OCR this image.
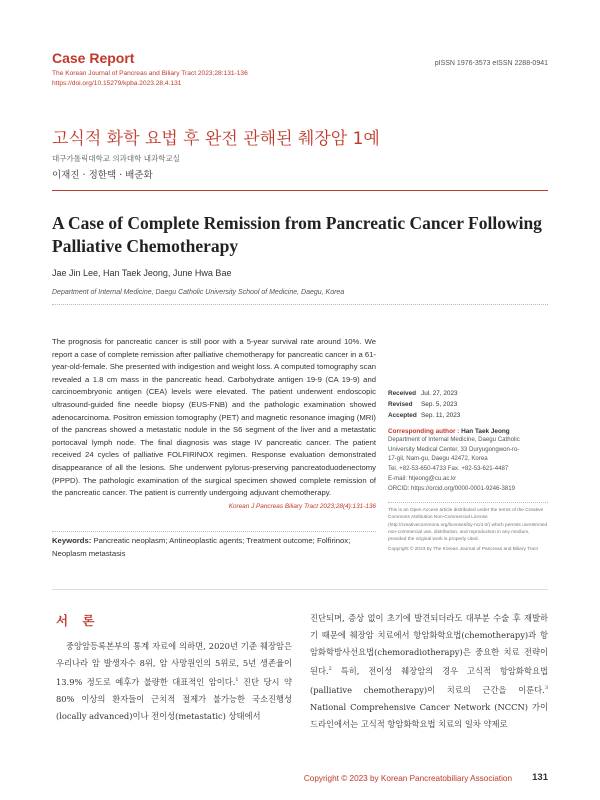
Case Report
The Korean Journal of Pancreas and Biliary Tract 2023;28:131-136
https://doi.org/10.15279/kpba.2023.28.4.131
pISSN 1976-3573 eISSN 2288-0941
고식적 화학 요법 후 완전 관해된 췌장암 1예
대구가톨릭대학교 의과대학 내과학교실
이재진 · 정한택 · 배준화
A Case of Complete Remission from Pancreatic Cancer Following
Palliative Chemotherapy
Jae Jin Lee, Han Taek Jeong, June Hwa Bae
Department of Internal Medicine, Daegu Catholic University School of Medicine, Daegu, Korea
The prognosis for pancreatic cancer is still poor with a 5-year survival rate around 10%. We report a case of complete remission after palliative chemotherapy for pancreatic cancer in a 61-year-old-female. She presented with indigestion and weight loss. A computed tomography scan revealed a 1.8 cm mass in the pancreatic head. Carbohydrate antigen 19-9 (CA 19-9) and carcinoembryonic antigen (CEA) levels were elevated. The patient underwent endoscopic ultrasound-guided fine needle biopsy (EUS-FNB) and the pathologic examination showed adenocarcinoma. Positron emission tomography (PET) and magnetic resonance imaging (MRI) of the pancreas showed a metastatic nodule in the S6 segment of the liver and a metastatic portocaval lymph node. The final diagnosis was stage IV pancreatic cancer. The patient received 24 cycles of palliative FOLFIRINOX regimen. Response evaluation demonstrated disappearance of all the lesions. She underwent pylorus-preserving pancreatoduodenectomy (PPPD). The pathologic examination of the surgical specimen showed complete remission of the pancreatic cancer. The patient is currently undergoing adjuvant chemotherapy.
Korean J Pancreas Biliary Tract 2023;28(4):131-136
Keywords: Pancreatic neoplasm; Antineoplastic agents; Treatment outcome; Folfirinox; Neoplasm metastasis
Received Jul. 27, 2023
Revised Sep. 5, 2023
Accepted Sep. 11, 2023
Corresponding author : Han Taek Jeong
Department of Internal Medicine, Daegu Catholic
University Medical Center, 33 Duryugongwon-ro-
17-gil, Nam-gu, Daegu 42472, Korea
Tel. +82-53-650-4733 Fax. +82-53-621-4487
E-mail: htjeong@cu.ac.kr
ORCID: https://orcid.org/0000-0001-9246-3819
This is an Open Access article distributed under the terms of the Creative Commons Attribution Non-Commercial License (http://creativecommons.org/licenses/by-nc/4.0/) which permits unrestricted non-commercial use, distribution, and reproduction in any medium, provided the original work is properly cited.
Copyright © 2023 by The Korean Journal of Pancreas and Biliary Tract
서 론
중앙암등록본부의 통계 자료에 의하면, 2020년 기준 췌장암은 우리나라 암 발생자수 8위, 암 사망원인의 5위로, 5년 생존율이 13.9% 정도로 예후가 불량한 대표적인 암이다.$^1$ 진단 당시 약 80% 이상의 환자들이 근치적 절제가 불가능한 국소진행성(locally advanced)이나 전이성(metastatic) 상태에서
진단되며, 증상 없이 초기에 발견되더라도 대부분 수술 후 재발하기 때문에 췌장암 치료에서 항암화학요법(chemotherapy)과 항암화학방사선요법(chemoradiotherapy)은 중요한 치료 전략이 된다.$^2$ 특히, 전이성 췌장암의 경우 고식적 항암화학요법(palliative chemotherapy)이 치료의 근간을 이룬다.$^3$ National Comprehensive Cancer Network (NCCN) 가이드라인에서는 고식적 항암화학요법 치료의 일차 약제로
Copyright © 2023 by Korean Pancreatobiliary Association 131
